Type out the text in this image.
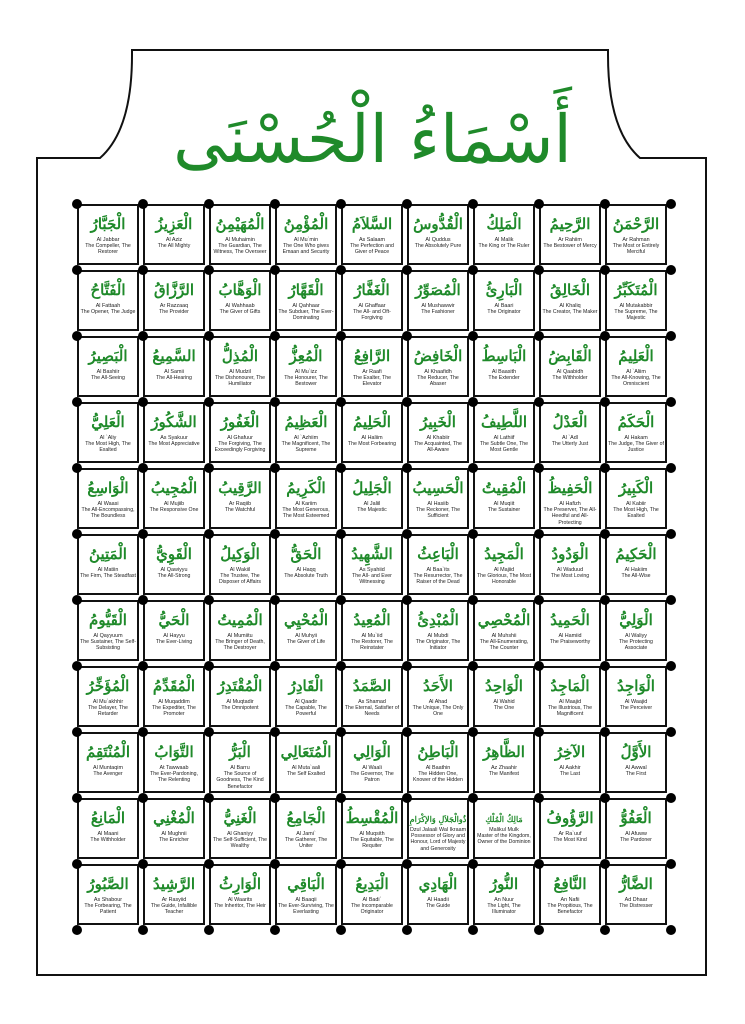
أَسْمَاءُ الْحُسْنَى
الْجَبَّارُ
Al Jabbar
The Compeller, The Restorer
الْعَزِيزُ
Al Aziz
The All Mighty
الْمُهَيْمِنُ
Al Muhaimin
The Guardian, The Witness, The Overseer
الْمُؤْمِنُ
Al Mu`min
The One Who gives Emaan and Security
السَّلاَمُ
As Salaam
The Perfection and Giver of Peace
الْقُدُّوسُ
Al Quddus
The Absolutely Pure
الْمَلِكُ
Al Malik
The King or The Ruler
الرَّحِيمُ
Ar Rahiim
The Bestower of Mercy
الرَّحْمَنُ
Ar Rahman
The Most or Entirely Merciful
الْفَتَّاحُ
Al Fattaah
The Opener, The Judge
الرَّزَّاقُ
Ar Razzaaq
The Provider
الْوَهَّابُ
Al Wahhaab
The Giver of Gifts
الْقَهَّارُ
Al Qahhaar
The Subduer, The Ever-Dominating
الْغَفَّارُ
Al Ghaffaar
The All- and Oft-Forgiving
الْمُصَوِّرُ
Al Mushawwir
The Fashioner
الْبَارِئُ
Al Baari
The Originator
الْخَالِقُ
Al Khaliq
The Creator, The Maker
الْمُتَكَبِّرُ
Al Mutakabbir
The Supreme, The Majestic
الْبَصِيرُ
Al Bashiir
The All-Seeing
السَّمِيعُ
Al Samii
The All-Hearing
الْمُذِلُّ
Al Mudzil
The Dishonourer, The Humiliator
الْمُعِزُّ
Al Mu`izz
The Honourer, The Bestower
الرَّافِعُ
Ar Raafi
The Exalter, The Elevator
الْخَافِضُ
Al Khaafidh
The Reducer, The Abaser
الْبَاسِطُ
Al Baasith
The Extender
الْقَابِضُ
Al Qaabidh
The Withholder
الْعَلِيمُ
Al `Aliim
The All-Knowing, The Omniscient
الْعَلِيُّ
Al `Aliy
The Most High, The Exalted
الشَّكُورُ
As Syakuur
The Most Appreciative
الْغَفُورُ
Al Ghafuur
The Forgiving, The Exceedingly Forgiving
الْعَظِيمُ
Al `Azhiim
The Magnificent, The Supreme
الْحَلِيمُ
Al Haliim
The Most Forbearing
الْخَبِيرُ
Al Khabiir
The Acquainted, The All-Aware
اللَّطِيفُ
Al Lathiif
The Subtle One, The Most Gentle
الْعَدْلُ
Al `Adl
The Utterly Just
الْحَكَمُ
Al Hakam
The Judge, The Giver of Justice
الْوَاسِعُ
Al Waasi
The All-Encompassing, The Boundless
الْمُجِيبُ
Al Mujiib
The Responsive One
الرَّقِيبُ
Ar Raqiib
The Watchful
الْكَرِيمُ
Al Kariim
The Most Generous, The Most Esteemed
الْجَلِيلُ
Al Jaliil
The Majestic
الْحَسِيبُ
Al Hasiib
The Reckoner, The Sufficient
الْمُقِيتُ
Al Muqiit
The Sustainer
الْحَفِيظُ
Al Hafizh
The Preserver, The All-Heedful and All-Protecting
الْكَبِيرُ
Al Kabiir
The Most High, The Exalted
الْمَتِينُ
Al Matiin
The Firm, The Steadfast
الْقَوِيُّ
Al Qawiyyu
The All-Strong
الْوَكِيلُ
Al Wakiil
The Trustee, The Disposer of Affairs
الْحَقُّ
Al Haqq
The Absolute Truth
الشَّهِيدُ
As Syahiid
The All- and Ever Witnessing
الْبَاعِثُ
Al Baa`its
The Resurrector, The Raiser of the Dead
الْمَجِيدُ
Al Majiid
The Glorious, The Most Honorable
الْوَدُودُ
Al Waduud
The Most Loving
الْحَكِيمُ
Al Hakiim
The All-Wise
الْقَيُّومُ
Al Qayyuum
The Sustainer, The Self-Subsisting
الْحَيُّ
Al Hayyu
The Ever-Living
الْمُمِيتُ
Al Mumiitu
The Bringer of Death, The Destroyer
الْمُحْيِي
Al Muhyii
The Giver of Life
الْمُعِيدُ
Al Mu`iid
The Restorer, The Reinstater
الْمُبْدِئُ
Al Mubdi
The Originator, The Initiator
الْمُحْصِي
Al Muhshii
The All-Enumerating, The Counter
الْحَمِيدُ
Al Hamiid
The Praiseworthy
الْوَلِيُّ
Al Waliyy
The Protecting Associate
الْمُؤَخِّرُ
Al Mu`akhhir
The Delayer, The Retarder
الْمُقَدِّمُ
Al Muqaddim
The Expediter, The Promoter
الْمُقْتَدِرُ
Al Muqtadir
The Omnipotent
الْقَادِرُ
Al Qaadir
The Capable, The Powerful
الصَّمَدُ
As Shamad
The Eternal, Satisfier of Needs
الأَحَدُ
Al Ahad
The Unique, The Only One
الْوَاحِدُ
Al Wahid
The One
الْمَاجِدُ
Al Maajid
The Illustrious, The Magnificent
الْوَاجِدُ
Al Waajid
The Perceiver
الْمُنْتَقِمُ
Al Muntaqim
The Avenger
التَّوَابُ
At Tawwaab
The Ever-Pardoning, The Relenting
الْبَرُّ
Al Barru
The Source of Goodness, The Kind Benefactor
الْمُتَعَالِي
Al Muta`aali
The Self Exalted
الْوَالِي
Al Waali
The Governor, The Patron
الْبَاطِنُ
Al Baathin
The Hidden One, Knower of the Hidden
الظَّاهِرُ
Az Zhaahir
The Manifest
الآخِرُ
Al Aakhir
The Last
الأَوَّلُ
Al Awwal
The First
الْمَانِعُ
Al Maani
The Withholder
الْمُغْنِي
Al Mughnii
The Enricher
الْغَنِيُّ
Al Ghaniyy
The Self-Sufficient, The Wealthy
الْجَامِعُ
Al Jami`
The Gatherer, The Uniter
الْمُقْسِطُ
Al Muqsith
The Equitable, The Requiter
ذُوالْجَلاَلِ وَالإكْرَامِ
Dzul Jalaali Wal Ikraam
Possessor of Glory and Honour, Lord of Majesty and Generosity
مَالِكُ الْمُلْكِ
Malikul Mulk
Master of the Kingdom, Owner of the Dominion
الرَّؤُوفُ
Ar Ra`uuf
The Most Kind
الْعَفُوُّ
Al Afuww
The Pardoner
الصَّبُورُ
As Shabour
The Forbearing, The Patient
الرَّشِيدُ
Ar Rasyiid
The Guide, Infallible Teacher
الْوَارِثُ
Al Waarits
The Inheritor, The Heir
الْبَاقِي
Al Baaqii
The Ever-Surviving, The Everlasting
الْبَدِيعُ
Al Badi`
The Incomparable Originator
الْهَادِي
Al Haadii
The Guide
النُّورُ
An Nuur
The Light, The Illuminator
النَّافِعُ
An Nafii
The Propitious, The Benefactor
الضَّارُّ
Ad Dhaar
The Distresser
